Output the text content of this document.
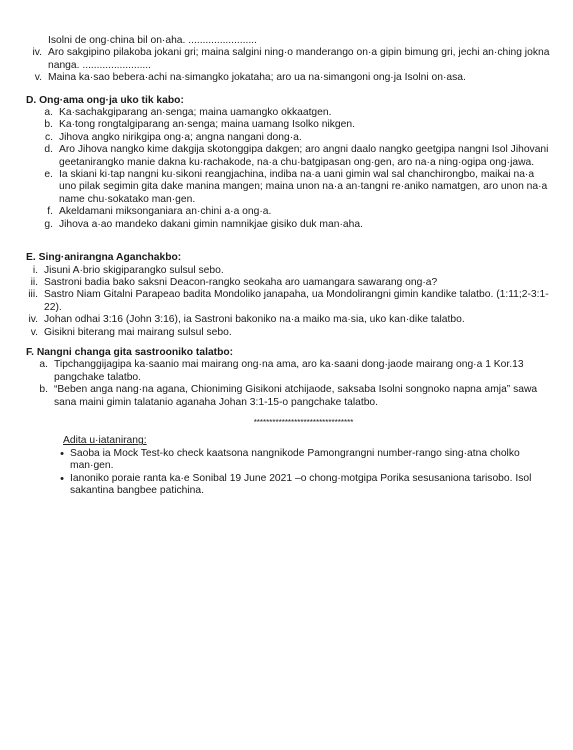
Isolni de ong·china bil on·aha. ........................
iv. Aro sakgipino pilakoba jokani gri; maina salgini ning·o manderango on·a gipin bimung gri, jechi an·ching jokna nanga. ........................
v. Maina ka·sao bebera·achi na·simangko jokataha; aro ua na·simangoni ong·ja Isolni on·asa.
D. Ong·ama ong·ja uko tik kabo:
a. Ka·sachakgiparang an·senga; maina uamangko okkaatgen.
b. Ka·tong rongtalgiparang an·senga; maina uamang Isolko nikgen.
c. Jihova angko nirikgipa ong·a; angna nangani dong·a.
d. Aro Jihova nangko kime dakgija skotonggipa dakgen; aro angni daalo nangko geetgipa nangni Isol Jihovani geetanirangko manie dakna ku·rachakode, na·a chu·batgipasan ong·gen, aro na·a ning·ogipa ong·jawa.
e. Ia skiani ki·tap nangni ku·sikoni reangjachina, indiba na·a uani gimin wal sal chanchirongbo, maikai na·a uno pilak segimin gita dake manina mangen; maina unon na·a an·tangni re·aniko namatgen, aro unon na·a name chu·sokatako man·gen.
f. Akeldamani miksonganiara an·chini a·a ong·a.
g. Jihova a·ao mandeko dakani gimin namnikjae gisiko duk man·aha.
E. Sing·anirangna Aganchakbo:
i. Jisuni A·brio skigiparangko sulsul sebo.
ii. Sastroni badia bako saksni Deacon-rangko seokaha aro uamangara sawarang ong·a?
iii. Sastro Niam Gitalni Parapeao badita Mondoliko janapaha, ua Mondolirangni gimin kandike talatbo. (1:11;2-3:1-22).
iv. Johan odhai 3:16 (John 3:16), ia Sastroni bakoniko na·a maiko ma·sia, uko kan·dike talatbo.
v. Gisikni biterang mai mairang sulsul sebo.
F. Nangni changa gita sastrooniko talatbo:
a. Tipchanggijagipa ka·saanio mai mairang ong·na ama, aro ka·saani dong·jaode mairang ong·a 1 Kor.13 pangchake talatbo.
b. “Beben anga nang·na agana, Chioniming Gisikoni atchijaode, saksaba Isolni songnoko napna amja” sawa sana maini gimin talatanio aganaha Johan 3:1-15-o pangchake talatbo.
********************************
Adita u·iatanirang:
• Saoba ia Mock Test-ko check kaatsona nangnikode Pamongrangni number-rango sing·atna cholko man·gen.
• Ianoniko poraie ranta ka·e Sonibal 19 June 2021 –o chong·motgipa Porika sesusaniona tarisobo. Isol sakantina bangbee patichina.
